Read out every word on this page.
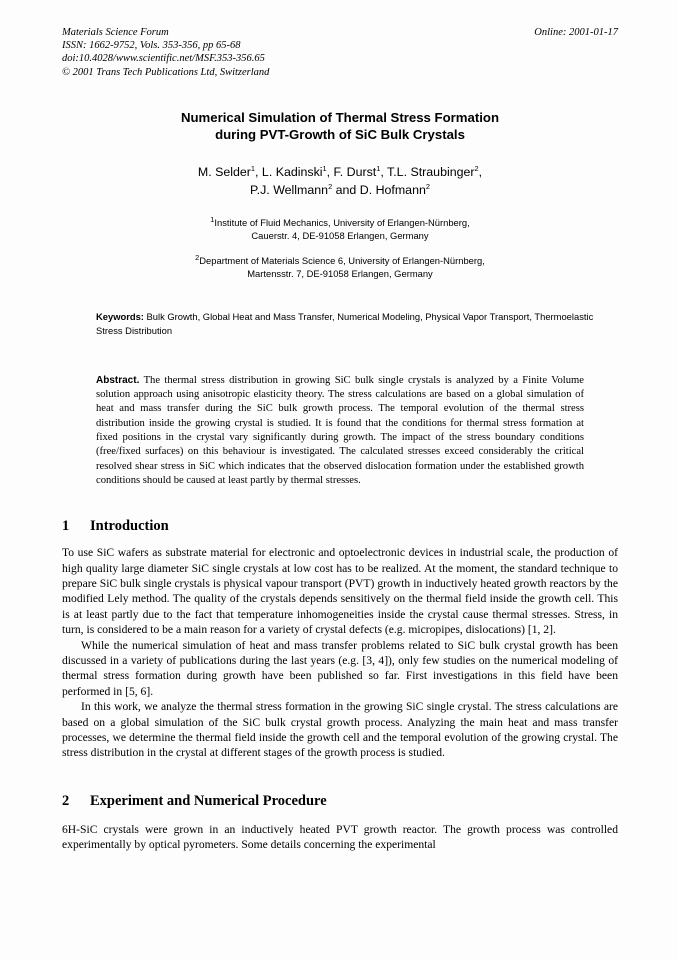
Materials Science Forum
ISSN: 1662-9752, Vols. 353-356, pp 65-68
doi:10.4028/www.scientific.net/MSF.353-356.65
© 2001 Trans Tech Publications Ltd, Switzerland
Online: 2001-01-17
Numerical Simulation of Thermal Stress Formation
during PVT-Growth of SiC Bulk Crystals
M. Selder$^1$, L. Kadinski$^1$, F. Durst$^1$, T.L. Straubinger$^2$,
P.J. Wellmann$^2$ and D. Hofmann$^2$
$^1$Institute of Fluid Mechanics, University of Erlangen-Nürnberg,
Cauerstr. 4, DE-91058 Erlangen, Germany
$^2$Department of Materials Science 6, University of Erlangen-Nürnberg,
Martensstr. 7, DE-91058 Erlangen, Germany
Keywords: Bulk Growth, Global Heat and Mass Transfer, Numerical Modeling, Physical Vapor Transport, Thermoelastic Stress Distribution
Abstract. The thermal stress distribution in growing SiC bulk single crystals is analyzed by a Finite Volume solution approach using anisotropic elasticity theory. The stress calculations are based on a global simulation of heat and mass transfer during the SiC bulk growth process. The temporal evolution of the thermal stress distribution inside the growing crystal is studied. It is found that the conditions for thermal stress formation at fixed positions in the crystal vary significantly during growth. The impact of the stress boundary conditions (free/fixed surfaces) on this behaviour is investigated. The calculated stresses exceed considerably the critical resolved shear stress in SiC which indicates that the observed dislocation formation under the established growth conditions should be caused at least partly by thermal stresses.
1	Introduction

To use SiC wafers as substrate material for electronic and optoelectronic devices in industrial scale, the production of high quality large diameter SiC single crystals at low cost has to be realized. At the moment, the standard technique to prepare SiC bulk single crystals is physical vapour transport (PVT) growth in inductively heated growth reactors by the modified Lely method. The quality of the crystals depends sensitively on the thermal field inside the growth cell. This is at least partly due to the fact that temperature inhomogeneities inside the crystal cause thermal stresses. Stress, in turn, is considered to be a main reason for a variety of crystal defects (e.g. micropipes, dislocations) [1, 2].

While the numerical simulation of heat and mass transfer problems related to SiC bulk crystal growth has been discussed in a variety of publications during the last years (e.g. [3, 4]), only few studies on the numerical modeling of thermal stress formation during growth have been published so far. First investigations in this field have been performed in [5, 6].

In this work, we analyze the thermal stress formation in the growing SiC single crystal. The stress calculations are based on a global simulation of the SiC bulk crystal growth process. Analyzing the main heat and mass transfer processes, we determine the thermal field inside the growth cell and the temporal evolution of the growing crystal. The stress distribution in the crystal at different stages of the growth process is studied.

2	Experiment and Numerical Procedure

6H-SiC crystals were grown in an inductively heated PVT growth reactor. The growth process was controlled experimentally by optical pyrometers. Some details concerning the experimental
